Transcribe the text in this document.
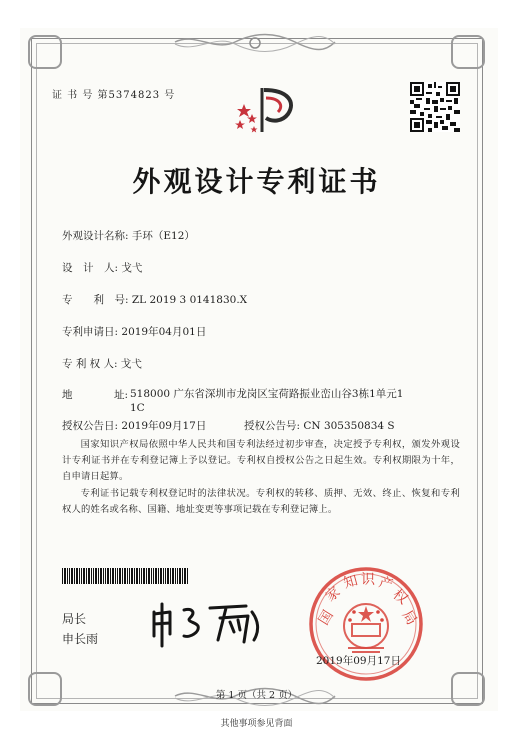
证 书 号 第5374823 号
外观设计专利证书
外观设计名称: 手环（E12）
设　计　人: 戈弋
专　　利　号: ZL 2019 3 0141830.X
专利申请日: 2019年04月01日
专 利 权 人: 戈弋
地	址: 518000 广东省深圳市龙岗区宝荷路振业峦山谷3栋1单元1 1C
授权公告日: 2019年09月17日	授权公告号: CN 305350834 S
国家知识产权局依照中华人民共和国专利法经过初步审查，决定授予专利权，颁发外观设计专利证书并在专利登记簿上予以登记。专利权自授权公告之日起生效。专利权期限为十年，自申请日起算。
专利证书记载专利权登记时的法律状况。专利权的转移、质押、无效、终止、恢复和专利权人的姓名或名称、国籍、地址变更等事项记载在专利登记簿上。
局长
申长雨
国
家
知 识 产
权
局
2019年09月17日
第 1 页（共 2 页）
其他事项参见背面
